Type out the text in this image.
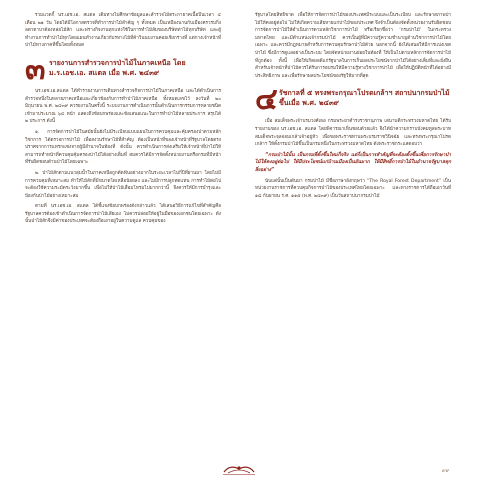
รวมแวดกี้ นร.เอช.เอ. สเเตล เดิมทางไปศึกษาข้อมูลและสำรวจไม้ตระกายาคเนื้อปีนเวลา ๔ เดือน ๒๑ วัน โดยได้มีโอกาสตรวจทิ่ทำการป่าไม้สำคัญ ๆ ทั้งหมด เป็นเหมืองนานกับเมืองครวรบกิ่งลดาตาบาต้องหล่อไม้สัก และฟรางกิจงานทุกแห่งใช้ในการทำไม้สัมของบริษัทท่าไม้ทุกบริษัท และผู้ทำงานการทำป่าไม้ทุกโดยแผนทำงานเกี่ยวกับรหางไม้ที่ค้าวินนบงานค่อยเชิงกร่างที่ แต่กางเจ้าหน้าที่ป่าไม้ทางภาคที่ขึ้นโดยทั้งหมด

๓ รายงานการสำรวจการป่าไม้ในภาคเหนือ โดย ม.ร.เอช.เอ. สเเตล เมื่อ พ.ศ. ๒๔๓๙

นร.เอช.เอ.สเเตล ได้ทำรายงานการเดินทางสำรวจกิจการป่าไม้ในภาคเหนือ และได้ดำเนินการสำรวจหนึ่งในหลายภาคเหนือและเกี่ยวข้องกับการทำป่าไม้ภาคเหนือ ทั้งหมดเลขไว้ ลงวันที่ ๒๐ มิถุนายน พ.ศ. ๒๔๓๙ ควรยงานในครั้งนี้ ระบบงานการดำเนินการนั้นดำเนินการกรรมการหลายชนิดเข้ามาประมาณ ๖๔ หน้า แสดงถึงข้อบกพร่องและข้อเสนอแนะในการทำป่าไม้หลายประการ สรุปได้ ๒ ประการ ดังนี้

๑. การจัดการป่าไม้ในสมัยนั้นยังไม่มีระเบียบแบบแผนในการควบคุมและคุ้มครองป่าตามหลักวิชาการ ได้ตรวจการป่าไม้ เพื่อสงวนรักษาไม้ที่สำคัญ ต้องเป็นหน้าที่ของเจ้าหน้าที่รัฐบาลโดยตรง ปราศจากการแทรกแซงจากผู้มีอำนาจในท้องที่ ดังนั้น ควรดำเนินการส่งเสริมให้เจ้าหน้าที่ป่าไม้ให้สามารถทำหน้าที่ควบคุมคุ้มครองป่าไม้ได้อย่างเต็มที่ สมควรได้มีการจัดตั้งหน่วยงานหรือกรมที่มีหน้าที่รับผิดชอบด้านป่าไม้โดยเฉพาะ

๒. ป่าไม้สักตามแนวลุ่มน้ำในภาคเหนือถูกตัดฟันอย่างมากในระยะเวลาไม่กี่ปีที่ผ่านมา โดยไม่มีการควบคุมที่เหมาะสม ทำให้ไม้สักที่มีขนาดโตเหลือน้อยลง และไม่มีการปลูกทดแทน การทำไม้ต่อไปจะต้องใช้ความระมัดระวังมากขึ้น เพื่อไม่ให้ป่าไม้เสื่อมโทรมไปมากกว่านี้ จึงควรให้มีการบำรุงและป้องกันป่าไม้อย่างเหมาะสม

ตามที่ นร.เอช.เอ. สเเตล ได้ชี้แจงข้อบกพร่องดังกล่าวแล้ว ได้เสนอวิธีการแก้ไขที่สำคัญคือ รัฐบาลควรต้องเข้าดำเนินการจัดการป่าไม้เสียเอง ไม่ควรปล่อยให้อยู่ในมือของเอกชนโดยเฉพาะ ดังนั้นป่าไม้สักจึงมีค่าของประเทศจะต้องถือเอาอยู่ในความดูแล ควบคุมของ

รัฐบาลโดยสิทธิขาด เพื่อให้การจัดการป่าไม้ของประเทศมีระบบและเป็นระเบียบ และรักษาสภาพป่าไม้ให้คงอยู่ต่อไป ไม่ให้เกิดความเสียหายแก่ป่าไม้ของประเทศ จึงจำเป็นต้องจัดตั้งหน่วยงานรับผิดชอบการจัดการป่าไม้ให้ดำเนินการตามหลักวิชาการป่าไม้ หรือเรียกชื่อว่า ‘กรมป่าไม้’ ในกระทรวงมหาดไทย และมีตำแหน่งเจ้ากรมป่าไม้ ควรเป็นผู้ที่มีความรู้ความชำนาญด้านวิชาการป่าไม้โดยเฉพาะ และควรมีกฎหมายสำหรับการควบคุมรักษาป่าไม้ด้วย นอกจากนี้ ยังได้เสนอให้มีการแบ่งเขตป่าไม้ ซึ่งมีการดูแลอย่างเป็นระบบ โดยจัดหน่วยงานย่อยในท้องที่ ให้เป็นไปตามหลักการจัดการป่าไม้ที่ถูกต้อง ทั้งนี้ เพื่อให้เกิดผลดีแก่รัฐบาลในการเก็บผลประโยชน์จากป่าไม้ได้อย่างเต็มที่และยั่งยืน สำหรับเจ้าหน้าที่ป่าไม้ควรได้รับการอบรมให้มีความรู้ทางวิชาการป่าไม้ เพื่อให้ปฏิบัติหน้าที่ได้อย่างมีประสิทธิภาพ และเพื่อรักษาผลประโยชน์ของรัฐให้มากที่สุด

๔ รัชกาลที่ ๕ ทรงพระกรุณาโปรดเกล้าฯ สถาปนากรมป่าไม้ขึ้นเมื่อ พ.ศ. ๒๔๓๙

เมื่อ สมเด็จพระเจ้าบรมวงศ์เธอ กรมพระยาดำรงราชานุภาพ เสนาบดีกระทรวงมหาดไทย ได้รับรายงานของ นร.เอช.เอ. สเเตล โดยพิจารณาเห็นชอบด้วยแล้ว จึงได้นำความกราบบังคมทูลพระบาทสมเด็จพระจุลจอมเกล้าเจ้าอยู่หัว เพื่อขอพระราชทานพระบรมราชวินิจฉัย และทรงพระกรุณาโปรดเกล้าฯ ให้ตั้งกรมป่าไม้ขึ้นเป็นกรมหนึ่งในกระทรวงมหาดไทย ดังพระราชกระแสตอบว่า

“กรมป่าไม้นั้น เป็นกรมที่ตั้งขึ้นใหม่ก็จริง แต่ก็เป็นการสำคัญที่จะต้องตั้งขึ้นเพื่อการรักษาป่าไม้ให้คงอยู่ต่อไป ให้มีประโยชน์แก่บ้านเมืองเป็นอันมาก ให้มีสิทธิ์การป่าไม้ในอำนาจรัฐบาลทุกสิ่งอย่าง”

นับแต่นั้นเป็นต้นมา กรมป่าไม้ มีชื่อภาษาอังกฤษว่า “The Royal Forest Department” เป็นหน่วยงานราชการที่ควบคุมกิจการป่าไม้ของประเทศไทยโดยเฉพาะ และทางราชการได้ถือเอาวันที่ ๑๘ กันยายน ร.ศ. ๑๑๕ (พ.ศ. ๒๔๓๙) เป็นวันสถาปนากรมป่าไม้

๙๙
